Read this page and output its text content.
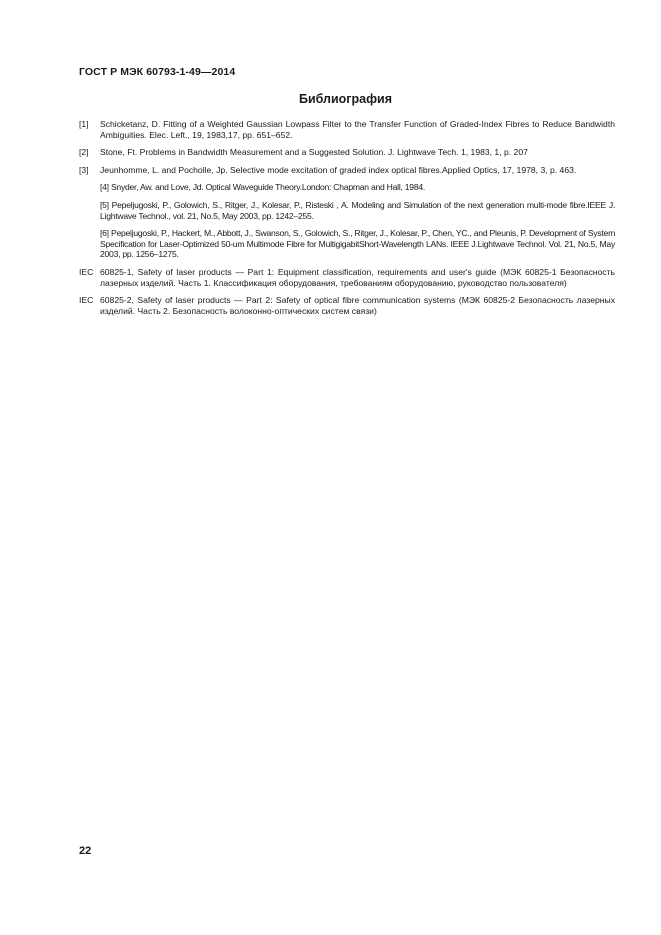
ГОСТ Р МЭК 60793-1-49—2014
Библиография
[1] Schicketanz, D. Fitting of a Weighted Gaussian Lowpass Filter to the Transfer Function of Graded-Index Fibres to Reduce Bandwidth Ambiguities. Elec. Left., 19, 1983,17, pp. 651–652.
[2] Stone, Ft. Problems in Bandwidth Measurement and a Suggested Solution. J. Lightwave Tech. 1, 1983, 1, p. 207
[3] Jeunhomme, L. and Pocholle, Jp. Selective mode excitation of graded index optical fibres.Applied Optics, 17, 1978, 3, p. 463.
[4] Snyder, Aw. and Love, Jd. Optical Waveguide Theory.London: Chapman and Hall, 1984.
[5] Pepeljugoski, P., Golowich, S., Ritger, J., Kolesar, P., Risteski , A. Modeling and Simulation of the next generation multi-mode fibre.IEEE J. Lightwave Technol., vol. 21, No.5, May 2003, pp. 1242–255.
[6] Pepeljugoski, P., Hackert, M., Abbott, J., Swanson, S., Golowich, S., Ritger, J., Kolesar, P., Chen, YC., and Pleunis, P. Development of System Specification for Laser-Optimized 50-um Multimode Fibre for MultigigabitShort-Wavelength LANs. IEEE J.Lightwave Technol. Vol. 21, No.5, May 2003, pp. 1256–1275.
IEC 60825-1, Safety of laser products — Part 1: Equipment classification, requirements and user's guide (МЭК 60825-1 Безопасность лазерных изделий. Часть 1. Классификация оборудования, требованиям оборудованию, руководство пользователя)
IEC 60825-2, Safety of laser products — Part 2: Safety of optical fibre communication systems (МЭК 60825-2 Безопасность лазерных изделий. Часть 2. Безопасность волоконно-оптических систем связи)
22
